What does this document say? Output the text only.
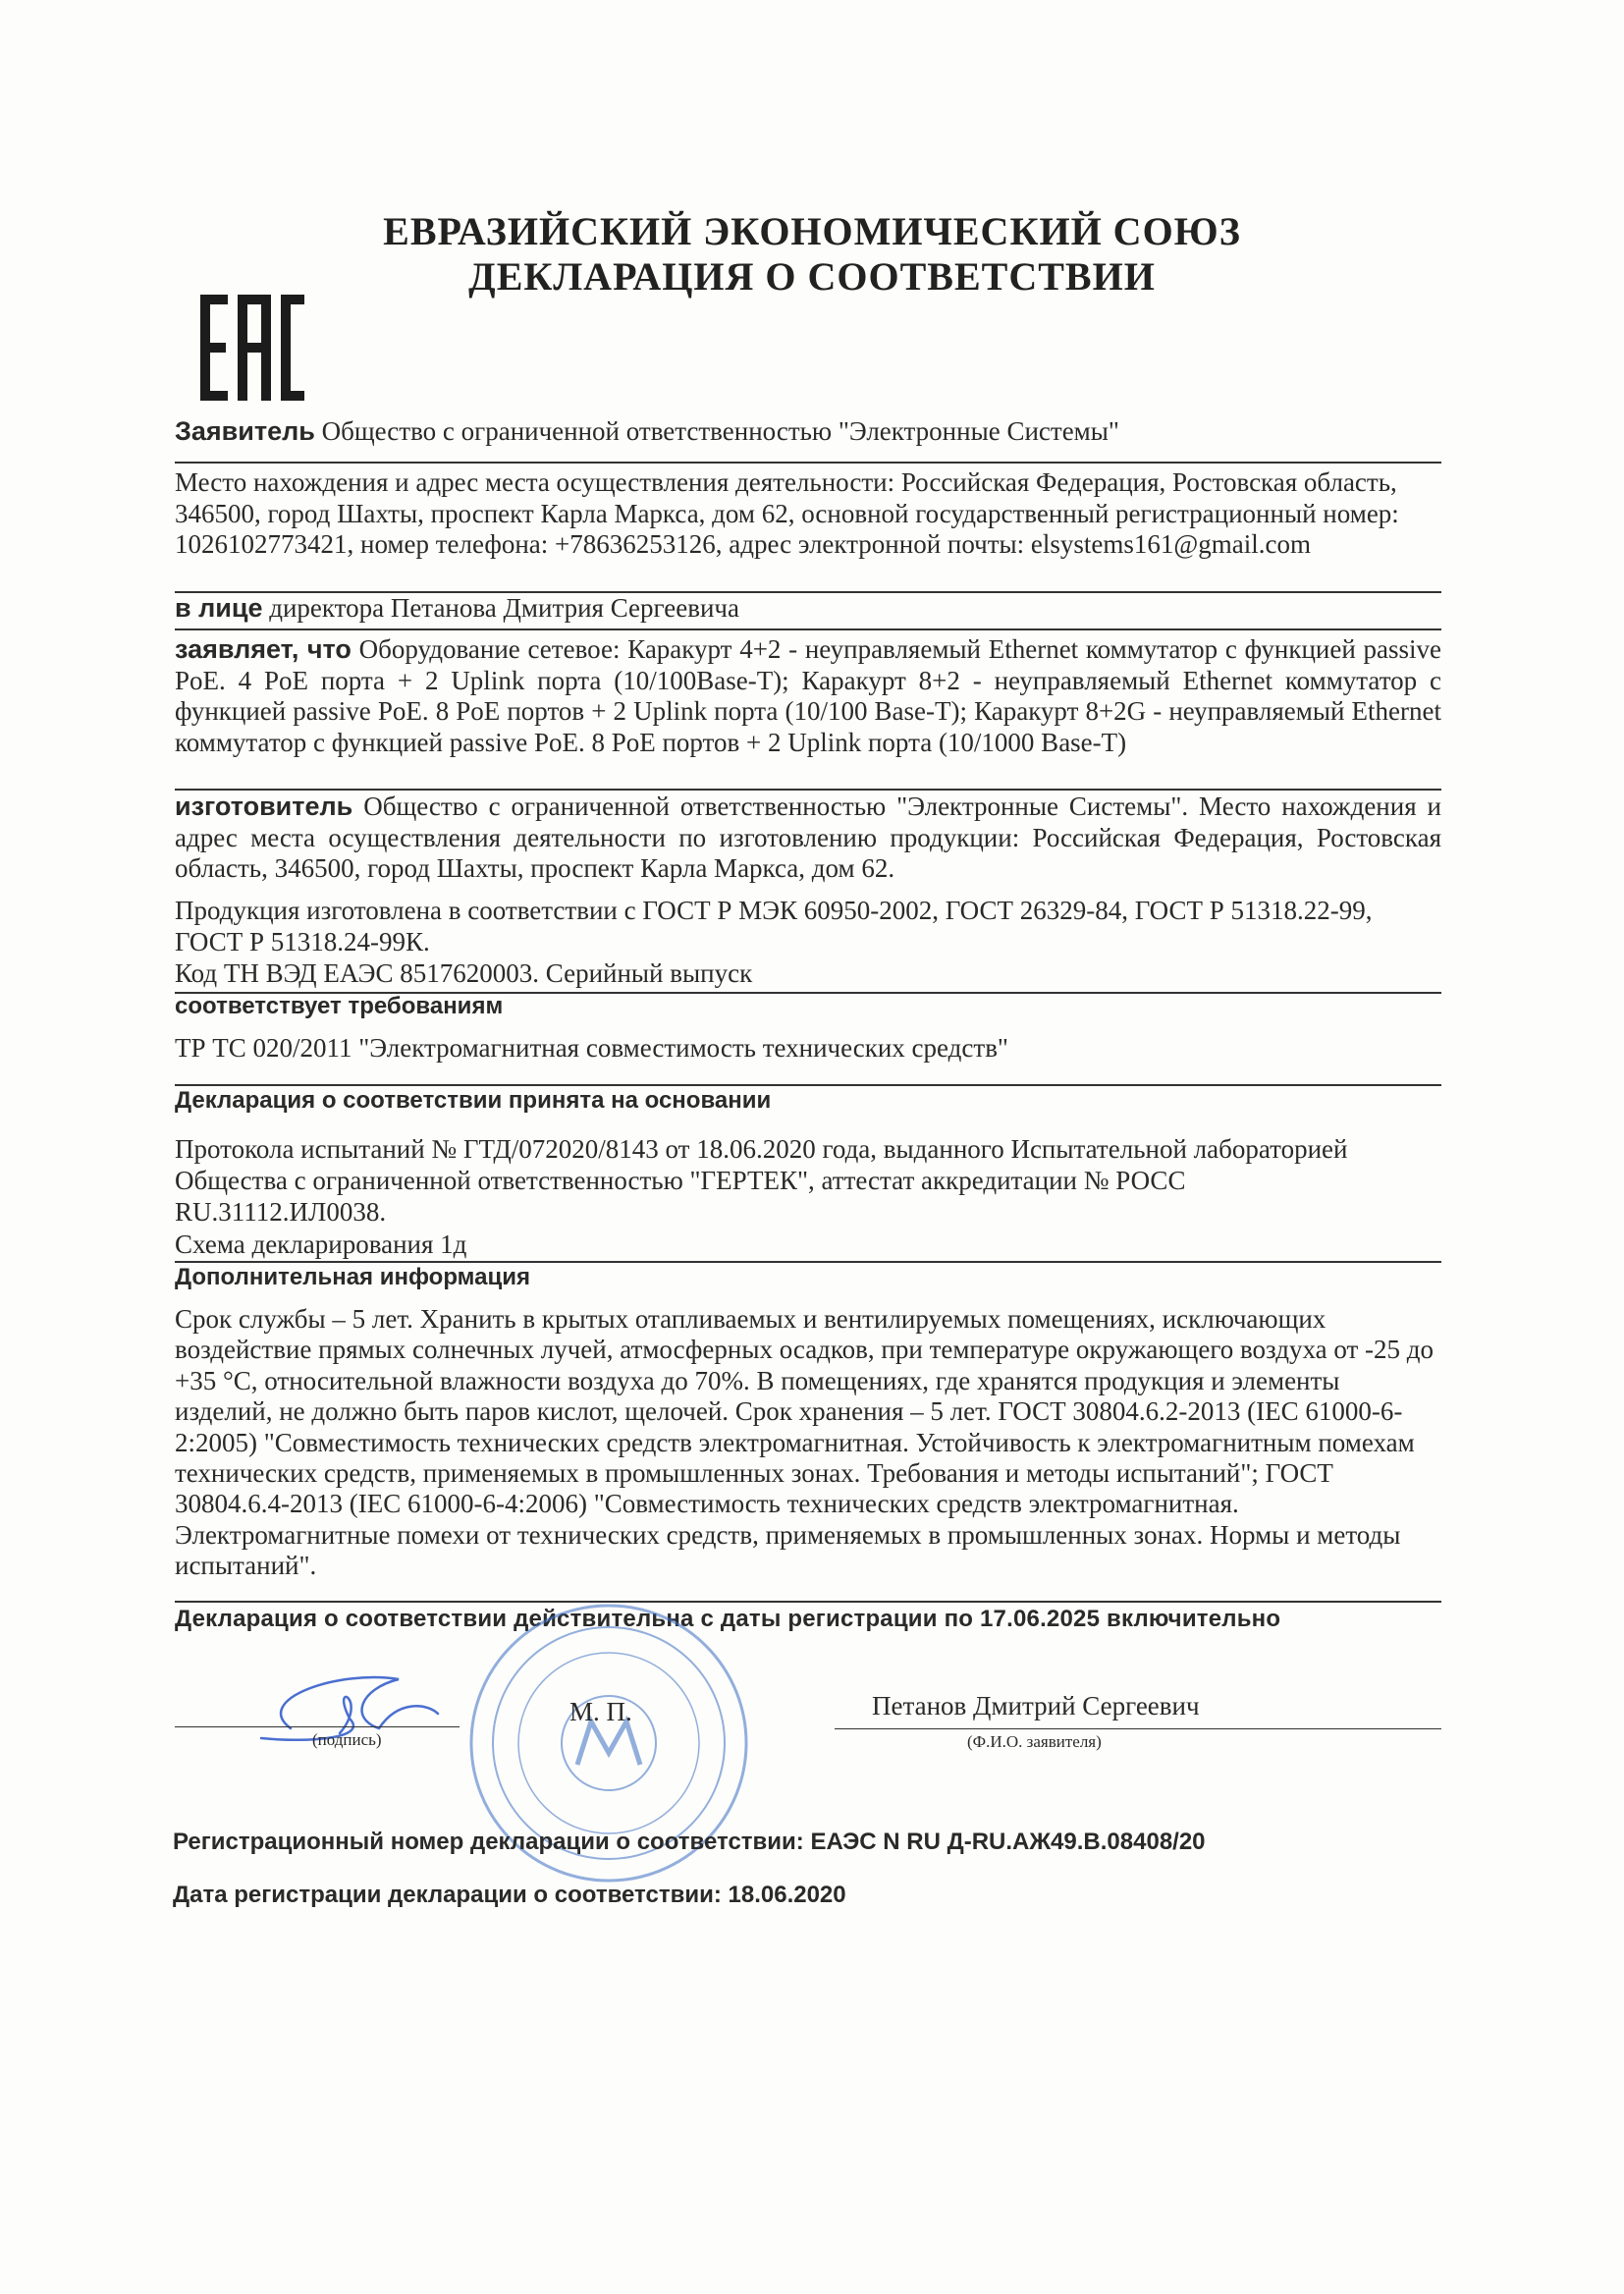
ЕВРАЗИЙСКИЙ ЭКОНОМИЧЕСКИЙ СОЮЗ
ДЕКЛАРАЦИЯ О СООТВЕТСТВИИ
Заявитель Общество с ограниченной ответственностью "Электронные Системы"
Место нахождения и адрес места осуществления деятельности: Российская Федерация, Ростовская область, 346500, город Шахты, проспект Карла Маркса, дом 62, основной государственный регистрационный номер: 1026102773421, номер телефона: +78636253126, адрес электронной почты: elsystems161@gmail.com
в лице директора Петанова Дмитрия Сергеевича
заявляет, что Оборудование сетевое: Каракурт 4+2 - неуправляемый Ethernet коммутатор с функцией passive PoE. 4 PoE порта + 2 Uplink порта (10/100Base-T); Каракурт 8+2 - неуправляемый Ethernet коммутатор с функцией passive PoE. 8 PoE портов + 2 Uplink порта (10/100 Base-T); Каракурт 8+2G - неуправляемый Ethernet коммутатор с функцией passive PoE. 8 PoE портов + 2 Uplink порта (10/1000 Base-T)
изготовитель Общество с ограниченной ответственностью "Электронные Системы". Место нахождения и адрес места осуществления деятельности по изготовлению продукции: Российская Федерация, Ростовская область, 346500, город Шахты, проспект Карла Маркса, дом 62.
Продукция изготовлена в соответствии с ГОСТ Р МЭК 60950-2002, ГОСТ 26329-84, ГОСТ Р 51318.22-99, ГОСТ Р 51318.24-99К.
Код ТН ВЭД ЕАЭС 8517620003. Серийный выпуск
соответствует требованиям
ТР ТС 020/2011 "Электромагнитная совместимость технических средств"
Декларация о соответствии принята на основании
Протокола испытаний № ГТД/072020/8143 от 18.06.2020 года, выданного Испытательной лабораторией Общества с ограниченной ответственностью "ГЕРТЕК", аттестат аккредитации № РОСС RU.31112.ИЛ0038.
Схема декларирования 1д
Дополнительная информация
Срок службы – 5 лет. Хранить в крытых отапливаемых и вентилируемых помещениях, исключающих воздействие прямых солнечных лучей, атмосферных осадков, при температуре окружающего воздуха от -25 до +35 °С, относительной влажности воздуха до 70%. В помещениях, где хранятся продукция и элементы изделий, не должно быть паров кислот, щелочей. Срок хранения – 5 лет. ГОСТ 30804.6.2-2013 (IEC 61000-6-2:2005) "Совместимость технических средств электромагнитная. Устойчивость к электромагнитным помехам технических средств, применяемых в промышленных зонах. Требования и методы испытаний"; ГОСТ 30804.6.4-2013 (IEC 61000-6-4:2006) "Совместимость технических средств электромагнитная. Электромагнитные помехи от технических средств, применяемых в промышленных зонах. Нормы и методы испытаний".
Декларация о соответствии действительна с даты регистрации по 17.06.2025 включительно
(подпись)
М. П.	Петанов Дмитрий Сергеевич
(Ф.И.О. заявителя)
Регистрационный номер декларации о соответствии: ЕАЭС N RU Д-RU.АЖ49.В.08408/20
Дата регистрации декларации о соответствии: 18.06.2020
